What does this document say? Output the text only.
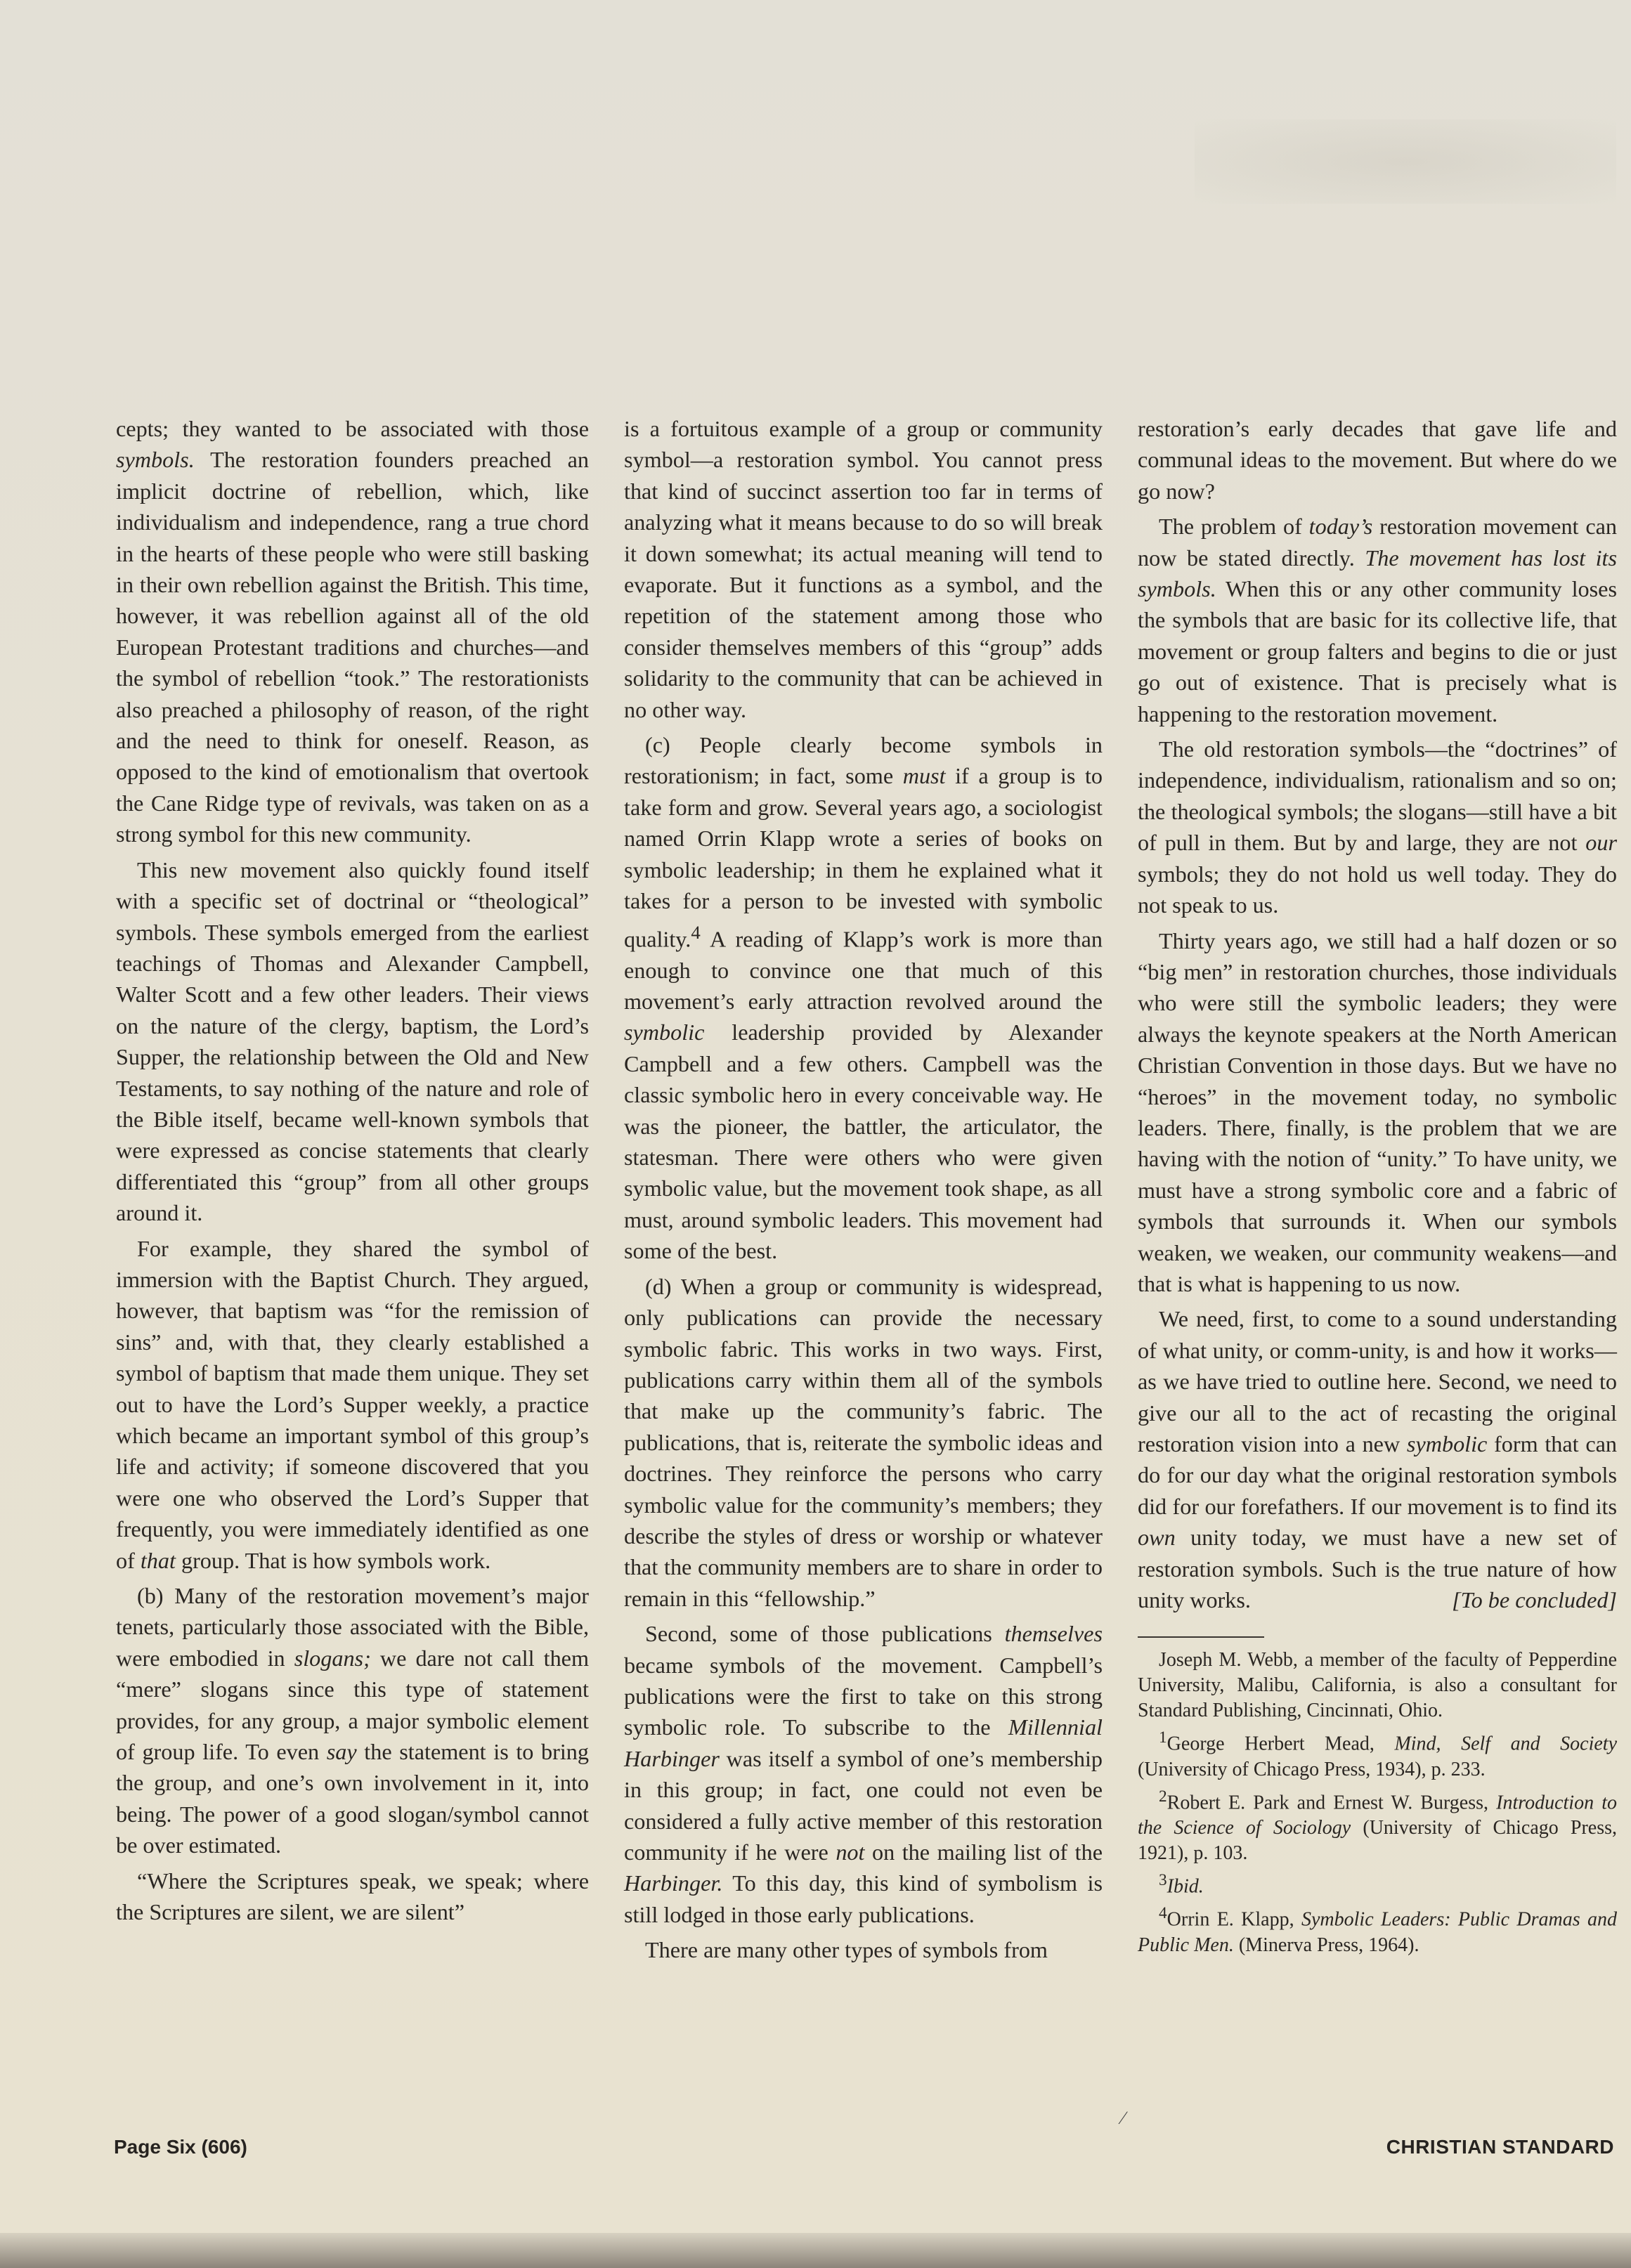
cepts; they wanted to be associated with those symbols. The restoration founders preached an implicit doctrine of rebellion, which, like individualism and independence, rang a true chord in the hearts of these people who were still basking in their own rebellion against the British. This time, however, it was rebellion against all of the old European Protestant traditions and churches—and the symbol of rebellion “took.” The restorationists also preached a philosophy of reason, of the right and the need to think for oneself. Reason, as opposed to the kind of emotionalism that overtook the Cane Ridge type of revivals, was taken on as a strong symbol for this new community.

This new movement also quickly found itself with a specific set of doctrinal or “theological” symbols. These symbols emerged from the earliest teachings of Thomas and Alexander Campbell, Walter Scott and a few other leaders. Their views on the nature of the clergy, baptism, the Lord’s Supper, the relationship between the Old and New Testaments, to say nothing of the nature and role of the Bible itself, became well-known symbols that were expressed as concise statements that clearly differentiated this “group” from all other groups around it.

For example, they shared the symbol of immersion with the Baptist Church. They argued, however, that baptism was “for the remission of sins” and, with that, they clearly established a symbol of baptism that made them unique. They set out to have the Lord’s Supper weekly, a practice which became an important symbol of this group’s life and activity; if someone discovered that you were one who observed the Lord’s Supper that frequently, you were immediately identified as one of that group. That is how symbols work.

(b) Many of the restoration movement’s major tenets, particularly those associated with the Bible, were embodied in slogans; we dare not call them “mere” slogans since this type of statement provides, for any group, a major symbolic element of group life. To even say the statement is to bring the group, and one’s own involvement in it, into being. The power of a good slogan/symbol cannot be over estimated.

“Where the Scriptures speak, we speak; where the Scriptures are silent, we are silent”

is a fortuitous example of a group or community symbol—a restoration symbol. You cannot press that kind of succinct assertion too far in terms of analyzing what it means because to do so will break it down somewhat; its actual meaning will tend to evaporate. But it functions as a symbol, and the repetition of the statement among those who consider themselves members of this “group” adds solidarity to the community that can be achieved in no other way.

(c) People clearly become symbols in restorationism; in fact, some must if a group is to take form and grow. Several years ago, a sociologist named Orrin Klapp wrote a series of books on symbolic leadership; in them he explained what it takes for a person to be invested with symbolic quality.$^4$ A reading of Klapp’s work is more than enough to convince one that much of this movement’s early attraction revolved around the symbolic leadership provided by Alexander Campbell and a few others. Campbell was the classic symbolic hero in every conceivable way. He was the pioneer, the battler, the articulator, the statesman. There were others who were given symbolic value, but the movement took shape, as all must, around symbolic leaders. This movement had some of the best.

(d) When a group or community is widespread, only publications can provide the necessary symbolic fabric. This works in two ways. First, publications carry within them all of the symbols that make up the community’s fabric. The publications, that is, reiterate the symbolic ideas and doctrines. They reinforce the persons who carry symbolic value for the community’s members; they describe the styles of dress or worship or whatever that the community members are to share in order to remain in this “fellowship.”

Second, some of those publications themselves became symbols of the movement. Campbell’s publications were the first to take on this strong symbolic role. To subscribe to the Millennial Harbinger was itself a symbol of one’s membership in this group; in fact, one could not even be considered a fully active member of this restoration community if he were not on the mailing list of the Harbinger. To this day, this kind of symbolism is still lodged in those early publications.

There are many other types of symbols from

restoration’s early decades that gave life and communal ideas to the movement. But where do we go now?

The problem of today’s restoration movement can now be stated directly. The movement has lost its symbols. When this or any other community loses the symbols that are basic for its collective life, that movement or group falters and begins to die or just go out of existence. That is precisely what is happening to the restoration movement.

The old restoration symbols—the “doctrines” of independence, individualism, rationalism and so on; the theological symbols; the slogans—still have a bit of pull in them. But by and large, they are not our symbols; they do not hold us well today. They do not speak to us.

Thirty years ago, we still had a half dozen or so “big men” in restoration churches, those individuals who were still the symbolic leaders; they were always the keynote speakers at the North American Christian Convention in those days. But we have no “heroes” in the movement today, no symbolic leaders. There, finally, is the problem that we are having with the notion of “unity.” To have unity, we must have a strong symbolic core and a fabric of symbols that surrounds it. When our symbols weaken, we weaken, our community weakens—and that is what is happening to us now.

We need, first, to come to a sound understanding of what unity, or comm-unity, is and how it works—as we have tried to outline here. Second, we need to give our all to the act of recasting the original restoration vision into a new symbolic form that can do for our day what the original restoration symbols did for our forefathers. If our movement is to find its own unity today, we must have a new set of restoration symbols. Such is the true nature of how unity works.	[To be concluded]

Joseph M. Webb, a member of the faculty of Pepperdine University, Malibu, California, is also a consultant for Standard Publishing, Cincinnati, Ohio.

$^1$George Herbert Mead, Mind, Self and Society (University of Chicago Press, 1934), p. 233.

$^2$Robert E. Park and Ernest W. Burgess, Introduction to the Science of Sociology (University of Chicago Press, 1921), p. 103.

$^3$Ibid.

$^4$Orrin E. Klapp, Symbolic Leaders: Public Dramas and Public Men. (Minerva Press, 1964).

⁄
Page Six (606)	CHRISTIAN STANDARD
